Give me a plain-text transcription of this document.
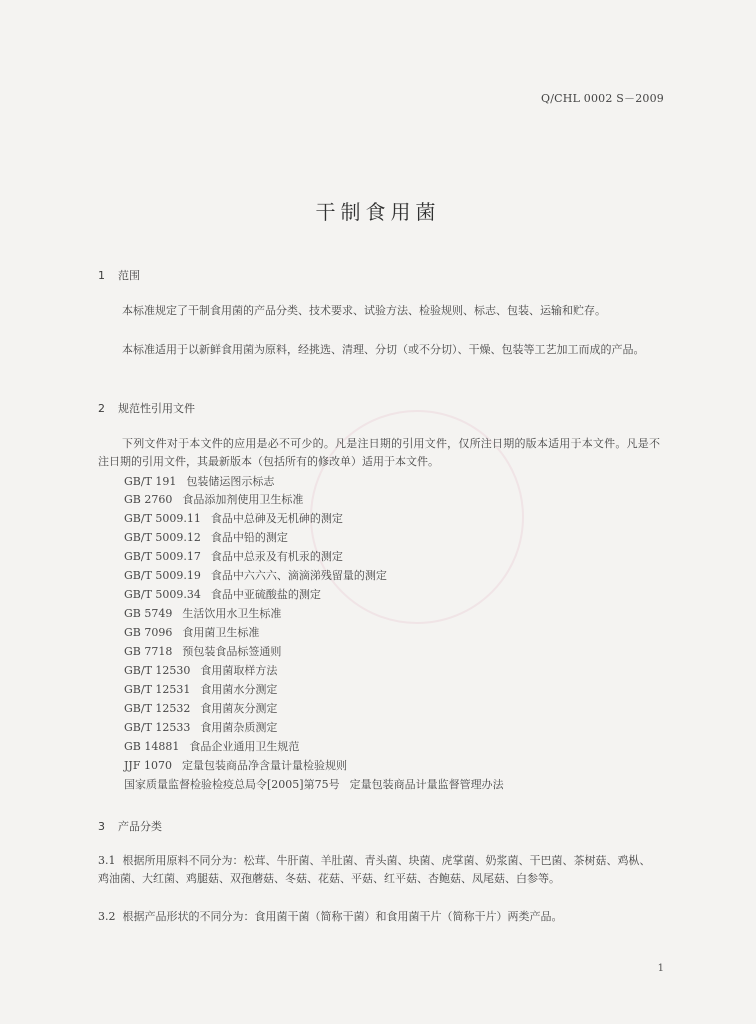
Q/CHL 0002 S－2009
干制食用菌
1 范围
本标准规定了干制食用菌的产品分类、技术要求、试验方法、检验规则、标志、包装、运输和贮存。
本标准适用于以新鲜食用菌为原料，经挑选、清理、分切（或不分切）、干燥、包装等工艺加工而成的产品。
2 规范性引用文件
下列文件对于本文件的应用是必不可少的。凡是注日期的引用文件，仅所注日期的版本适用于本文件。凡是不注日期的引用文件，其最新版本（包括所有的修改单）适用于本文件。
GB/T 191 包装储运图示标志
GB 2760 食品添加剂使用卫生标准
GB/T 5009.11 食品中总砷及无机砷的测定
GB/T 5009.12 食品中铅的测定
GB/T 5009.17 食品中总汞及有机汞的测定
GB/T 5009.19 食品中六六六、滴滴涕残留量的测定
GB/T 5009.34 食品中亚硫酸盐的测定
GB 5749 生活饮用水卫生标准
GB 7096 食用菌卫生标准
GB 7718 预包装食品标签通则
GB/T 12530 食用菌取样方法
GB/T 12531 食用菌水分测定
GB/T 12532 食用菌灰分测定
GB/T 12533 食用菌杂质测定
GB 14881 食品企业通用卫生规范
JJF 1070 定量包装商品净含量计量检验规则
国家质量监督检验检疫总局令[2005]第75号 定量包装商品计量监督管理办法
3 产品分类
3.1 根据所用原料不同分为：松茸、牛肝菌、羊肚菌、青头菌、块菌、虎掌菌、奶浆菌、干巴菌、茶树菇、鸡枞、鸡油菌、大红菌、鸡腿菇、双孢蘑菇、冬菇、花菇、平菇、红平菇、杏鲍菇、凤尾菇、白参等。
3.2 根据产品形状的不同分为：食用菌干菌（简称干菌）和食用菌干片（简称干片）两类产品。
1
